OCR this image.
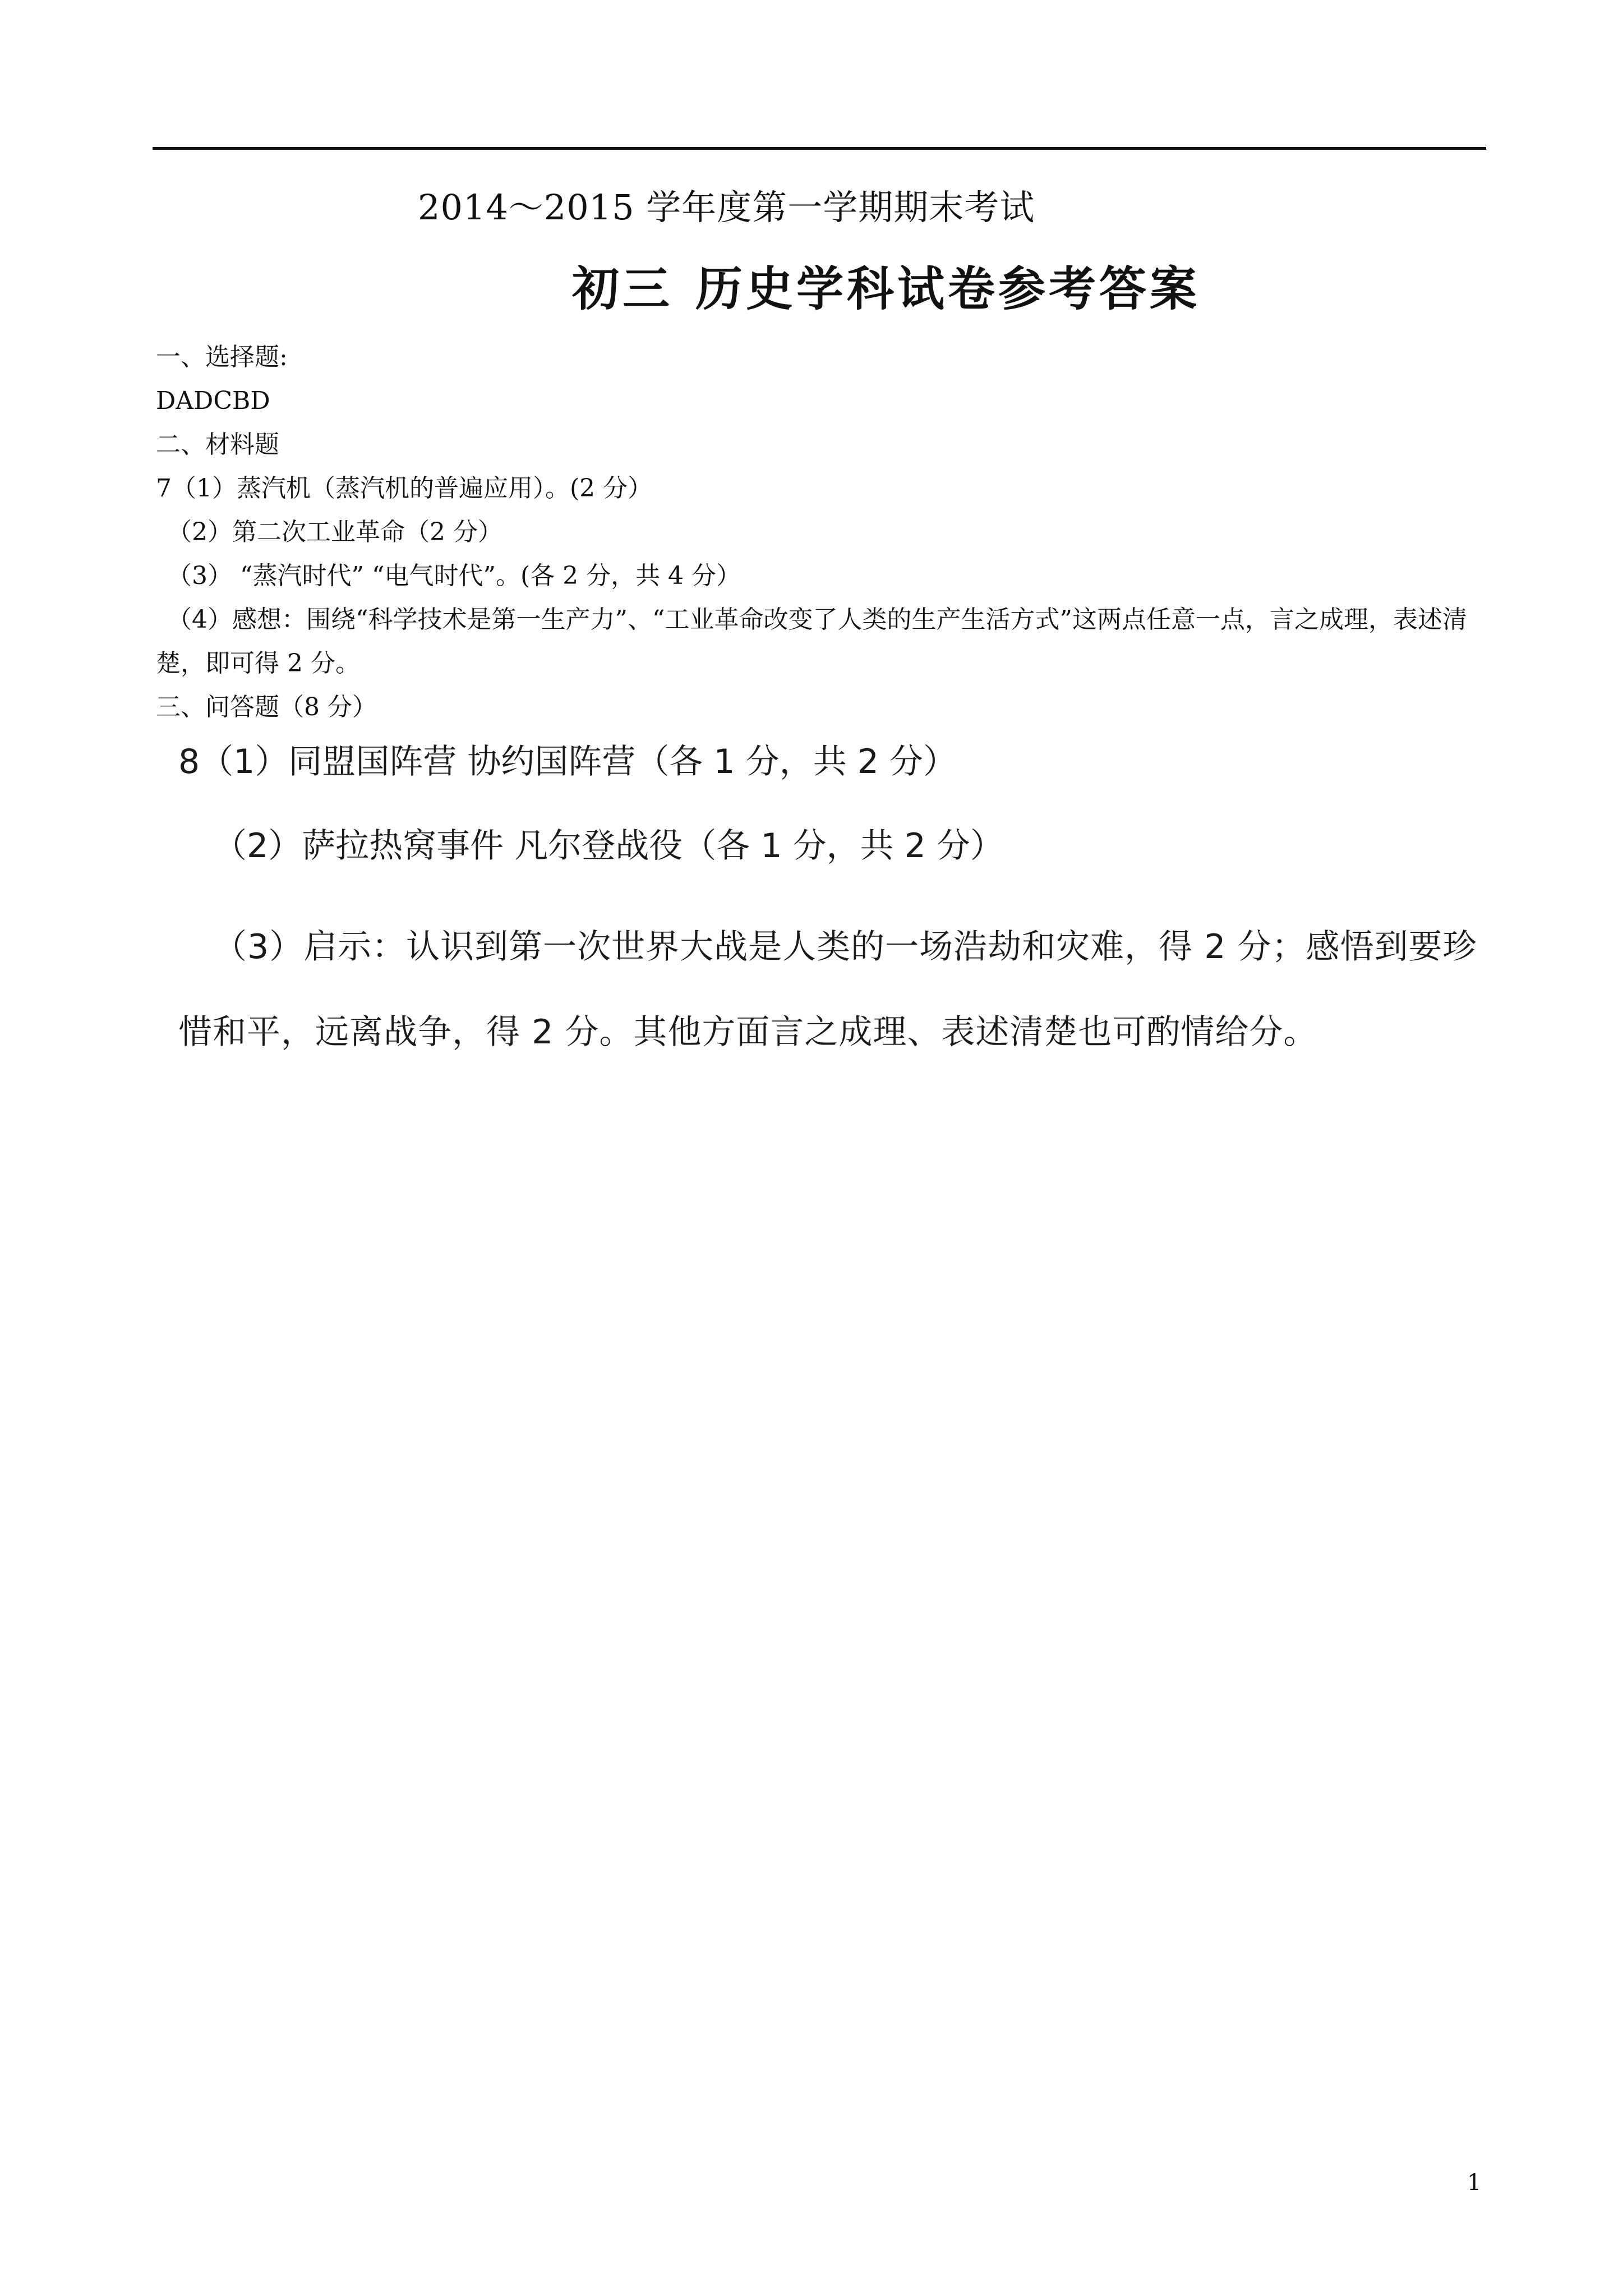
2014～2015 学年度第一学期期末考试
初三 历史学科试卷参考答案
一、选择题:
DADCBD
二、材料题
7（1）蒸汽机（蒸汽机的普遍应用）。(2 分）
（2）第二次工业革命（2 分）
（3） “蒸汽时代” “电气时代”。(各 2 分，共 4 分）
（4）感想：围绕“科学技术是第一生产力”、“工业革命改变了人类的生产生活方式”这两点任意一点，言之成理，表述清楚，即可得 2 分。
三、问答题（8 分）
8（1）同盟国阵营 协约国阵营（各 1 分，共 2 分）
（2）萨拉热窝事件 凡尔登战役（各 1 分，共 2 分）
（3）启示：认识到第一次世界大战是人类的一场浩劫和灾难，得 2 分；感悟到要珍惜和平，远离战争，得 2 分。其他方面言之成理、表述清楚也可酌情给分。
1
